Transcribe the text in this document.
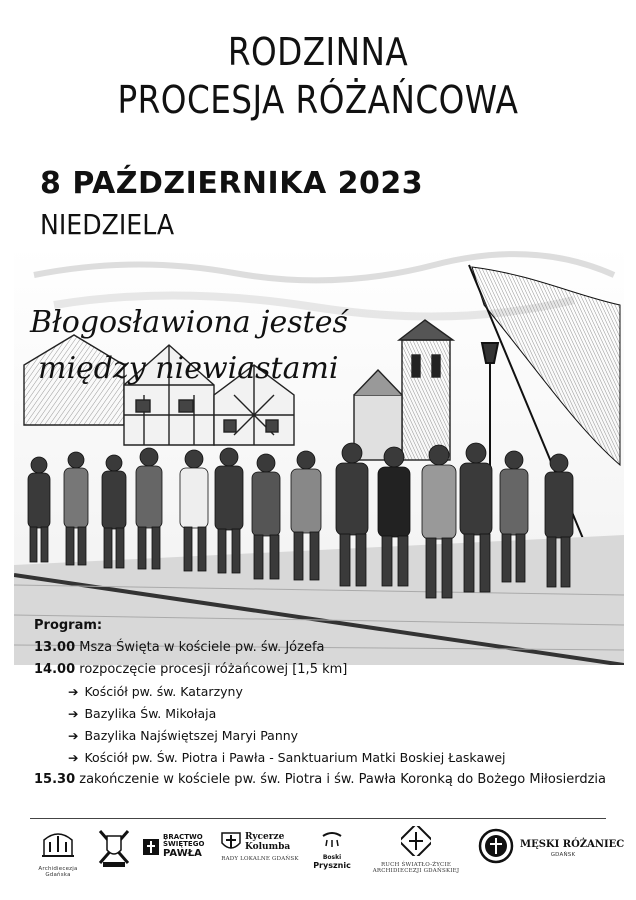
RODZINNA
PROCESJA RÓŻAŃCOWA
8 PAŹDZIERNIKA 2023
NIEDZIELA
Błogosławiona jesteś
między niewiastami
Program:
13.00 Msza Święta w kościele pw. św. Józefa
14.00 rozpoczęcie procesji różańcowej [1,5 km]
➔ Kościół pw. św. Katarzyny
➔ Bazylika Św. Mikołaja
➔ Bazylika Najświętszej Maryi Panny
➔ Kościół pw. Św. Piotra i Pawła - Sanktuarium Matki Boskiej Łaskawej
15.30 zakończenie w kościele pw. św. Piotra i św. Pawła Koronką do Bożego Miłosierdzia
Archidiecezja Gdańska
BRACTWO
ŚWIĘTEGO
PAWŁA
Rycerze
Kolumba
RADY LOKALNE GDAŃSK	Boski
Prysznic	RUCH ŚWIATŁO-ŻYCIE
ARCHIDIECEZJI GDAŃSKIEJ
MĘSKI RÓŻANIEC
GDAŃSK
